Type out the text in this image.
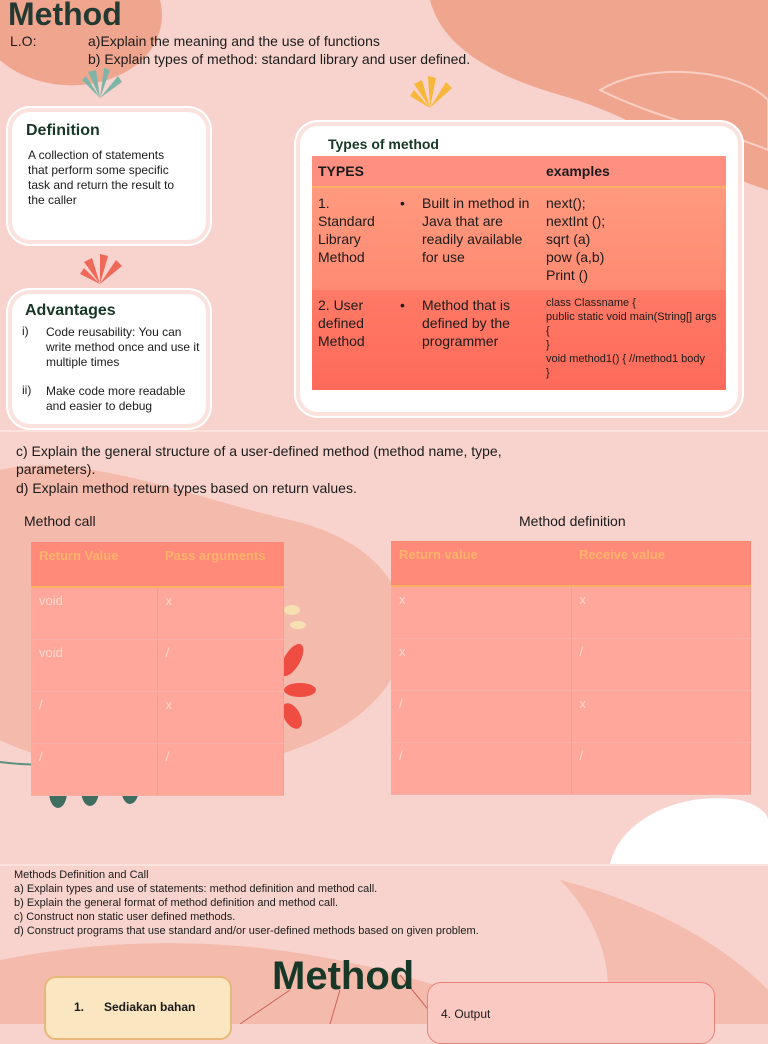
Method
L.O:	a)Explain the meaning and the use of functions
b) Explain types of method: standard library and user defined.
Definition
A collection of statements that perform some specific task and return the result to the caller
Advantages
i) Code reusability: You can write method once and use it multiple times
ii) Make code more readable and easier to debug
Types of method
TYPES			examples
1. Standard Library Method	•	Built in method in Java that are readily available for use	next();
nextInt ();
sqrt (a)
pow (a,b)
Print ()

2. User defined Method	•	Method that is defined by the programmer	class Classname {
public static void main(String[] args {
}
void method1() { //method1 body
}
c) Explain the general structure of a user-defined method (method name, type, parameters).
d) Explain method return types based on return values.
Method call	Method definition
Return Value	Pass arguments
void	x
void	/
/	x
/	/
Return value	Receive value
x	x
x	/
/	x
/	/
Methods Definition and Call
a) Explain types and use of statements: method definition and method call.
b) Explain the general format of method definition and method call.
c) Construct non static user defined methods.
d) Construct programs that use standard and/or user-defined methods based on given problem.
Method
1. Sediakan bahan	4. Output
